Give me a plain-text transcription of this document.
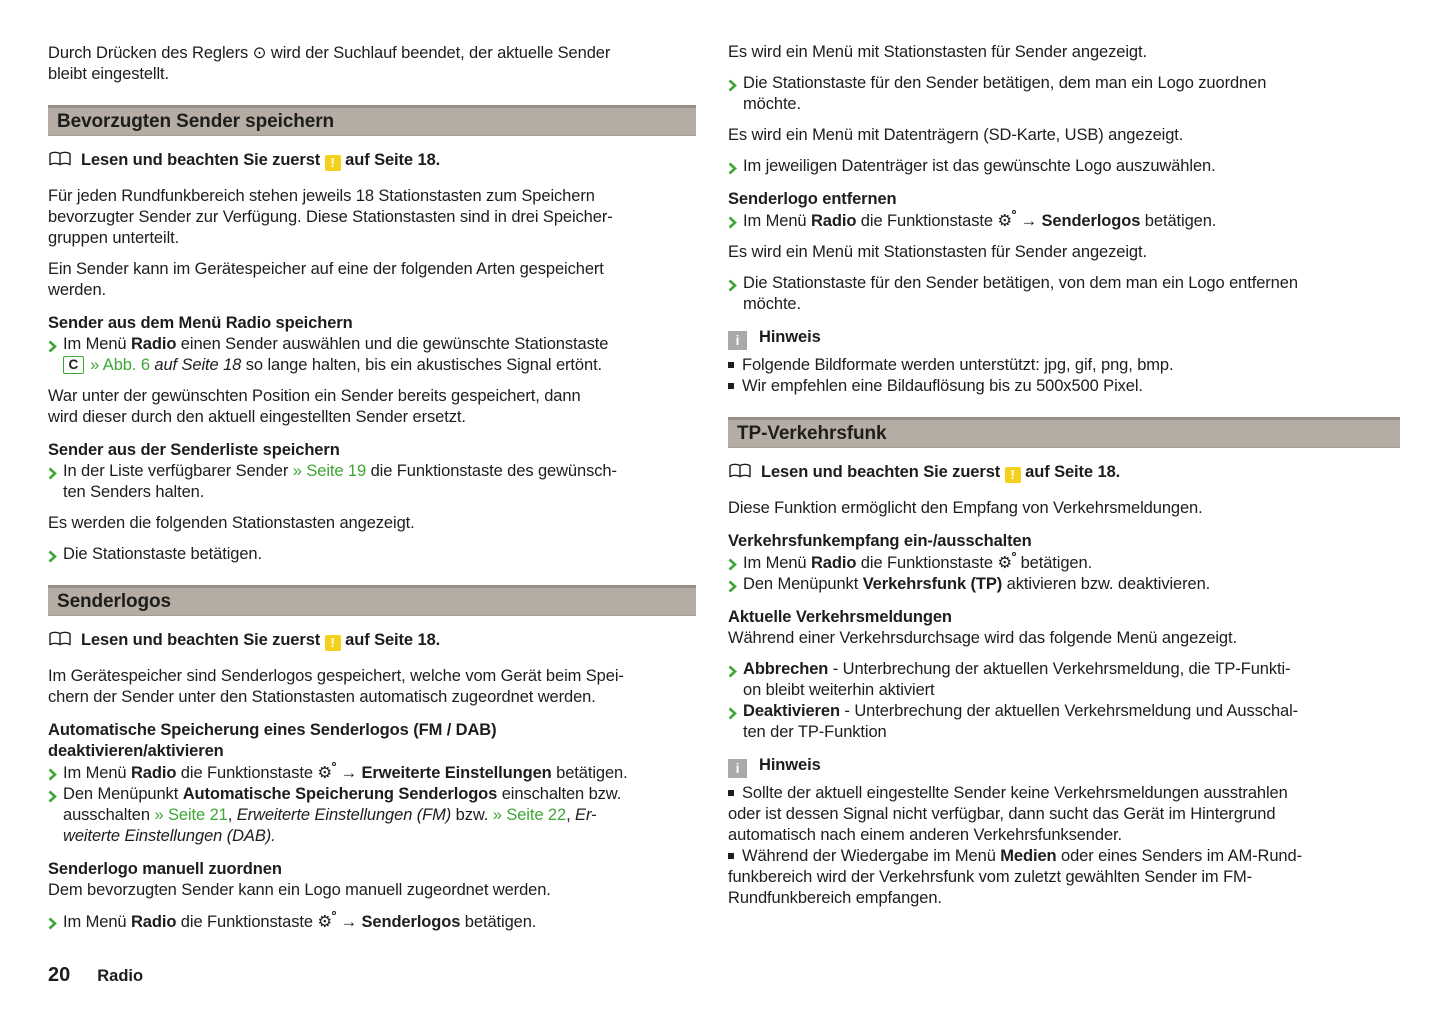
Durch Drücken des Reglers ⊙ wird der Suchlauf beendet, der aktuelle Sender
bleibt eingestellt.
Bevorzugten Sender speichern
Lesen und beachten Sie zuerst ! auf Seite 18.
Für jeden Rundfunkbereich stehen jeweils 18 Stationstasten zum Speichern
bevorzugter Sender zur Verfügung. Diese Stationstasten sind in drei Speicher-
gruppen unterteilt.
Ein Sender kann im Gerätespeicher auf eine der folgenden Arten gespeichert
werden.
Sender aus dem Menü Radio speichern
Im Menü Radio einen Sender auswählen und die gewünschte Stationstaste
C » Abb. 6 auf Seite 18 so lange halten, bis ein akustisches Signal ertönt.
War unter der gewünschten Position ein Sender bereits gespeichert, dann
wird dieser durch den aktuell eingestellten Sender ersetzt.
Sender aus der Senderliste speichern
In der Liste verfügbarer Sender » Seite 19 die Funktionstaste des gewünsch-
ten Senders halten.
Es werden die folgenden Stationstasten angezeigt.
Die Stationstaste betätigen.
Senderlogos
Lesen und beachten Sie zuerst ! auf Seite 18.
Im Gerätespeicher sind Senderlogos gespeichert, welche vom Gerät beim Spei-
chern der Sender unter den Stationstasten automatisch zugeordnet werden.
Automatische Speicherung eines Senderlogos (FM / DAB)
deaktivieren/aktivieren
Im Menü Radio die Funktionstaste ⚙
→ Erweiterte Einstellungen betätigen.
Den Menüpunkt Automatische Speicherung Senderlogos einschalten bzw.
ausschalten » Seite 21, Erweiterte Einstellungen (FM) bzw. » Seite 22, Er-
weiterte Einstellungen (DAB).
Senderlogo manuell zuordnen
Dem bevorzugten Sender kann ein Logo manuell zugeordnet werden.
Im Menü Radio die Funktionstaste ⚙
→ Senderlogos betätigen.
Es wird ein Menü mit Stationstasten für Sender angezeigt.
Die Stationstaste für den Sender betätigen, dem man ein Logo zuordnen
möchte.
Es wird ein Menü mit Datenträgern (SD-Karte, USB) angezeigt.
Im jeweiligen Datenträger ist das gewünschte Logo auszuwählen.
Senderlogo entfernen
Im Menü Radio die Funktionstaste ⚙
→ Senderlogos betätigen.
Es wird ein Menü mit Stationstasten für Sender angezeigt.
Die Stationstaste für den Sender betätigen, von dem man ein Logo entfernen
möchte.
i Hinweis
Folgende Bildformate werden unterstützt: jpg, gif, png, bmp.
Wir empfehlen eine Bildauflösung bis zu 500x500 Pixel.
TP-Verkehrsfunk
Lesen und beachten Sie zuerst ! auf Seite 18.
Diese Funktion ermöglicht den Empfang von Verkehrsmeldungen.
Verkehrsfunkempfang ein-/ausschalten
Im Menü Radio die Funktionstaste ⚙
betätigen.
Den Menüpunkt Verkehrsfunk (TP) aktivieren bzw. deaktivieren.
Aktuelle Verkehrsmeldungen
Während einer Verkehrsdurchsage wird das folgende Menü angezeigt.
Abbrechen - Unterbrechung der aktuellen Verkehrsmeldung, die TP-Funkti-
on bleibt weiterhin aktiviert
Deaktivieren - Unterbrechung der aktuellen Verkehrsmeldung und Ausschal-
ten der TP-Funktion
i Hinweis
Sollte der aktuell eingestellte Sender keine Verkehrsmeldungen ausstrahlen
oder ist dessen Signal nicht verfügbar, dann sucht das Gerät im Hintergrund
automatisch nach einem anderen Verkehrsfunksender.
Während der Wiedergabe im Menü Medien oder eines Senders im AM-Rund-
funkbereich wird der Verkehrsfunk vom zuletzt gewählten Sender im FM-
Rundfunkbereich empfangen.
20 Radio
